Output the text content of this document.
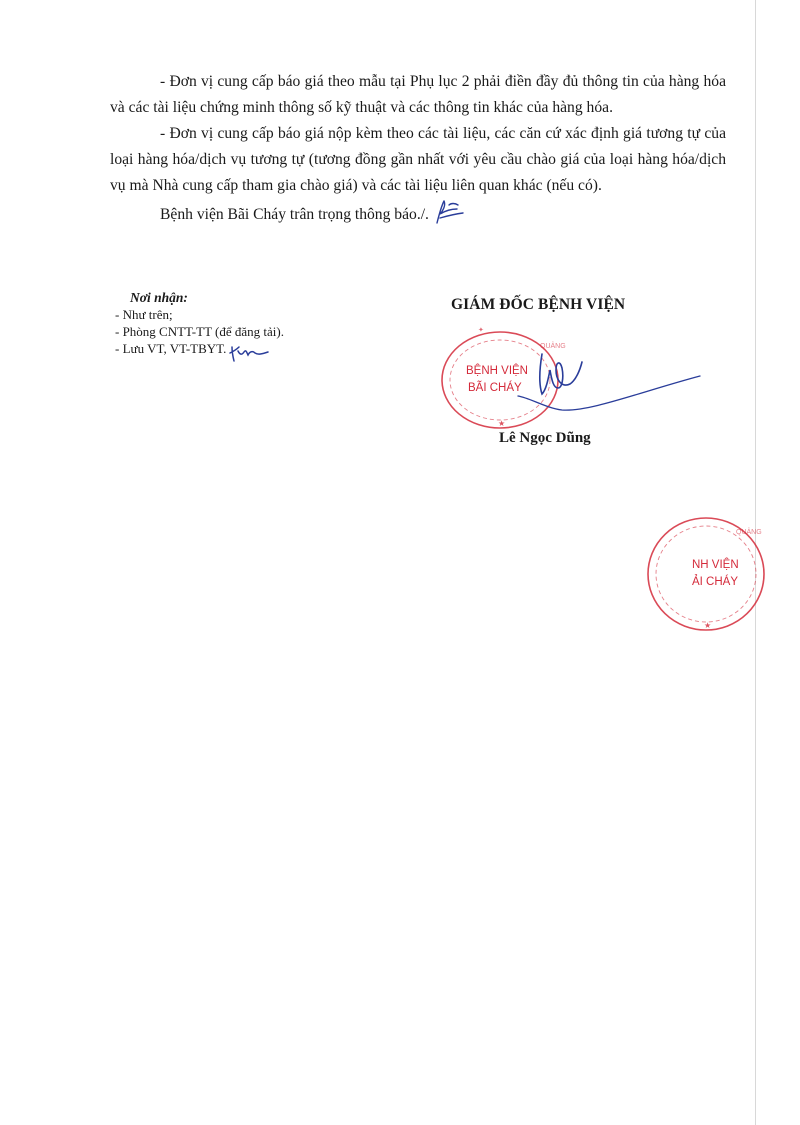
- Đơn vị cung cấp báo giá theo mẫu tại Phụ lục 2 phải điền đầy đủ thông tin của hàng hóa và các tài liệu chứng minh thông số kỹ thuật và các thông tin khác của hàng hóa.

- Đơn vị cung cấp báo giá nộp kèm theo các tài liệu, các căn cứ xác định giá tương tự của loại hàng hóa/dịch vụ tương tự (tương đồng gần nhất với yêu cầu chào giá của loại hàng hóa/dịch vụ mà Nhà cung cấp tham gia chào giá) và các tài liệu liên quan khác (nếu có).

Bệnh viện Bãi Cháy trân trọng thông báo./.

Nơi nhận:
- Như trên;
- Phòng CNTT-TT (để đăng tải).
- Lưu VT, VT-TBYT.
GIÁM ĐỐC BỆNH VIỆN
✦
QUẢNG
★
BỆNH VIỆN
BÃI CHÁY
Lê Ngọc Dũng
QUẢNG
★
NH VIỆN
ẢI CHÁY
